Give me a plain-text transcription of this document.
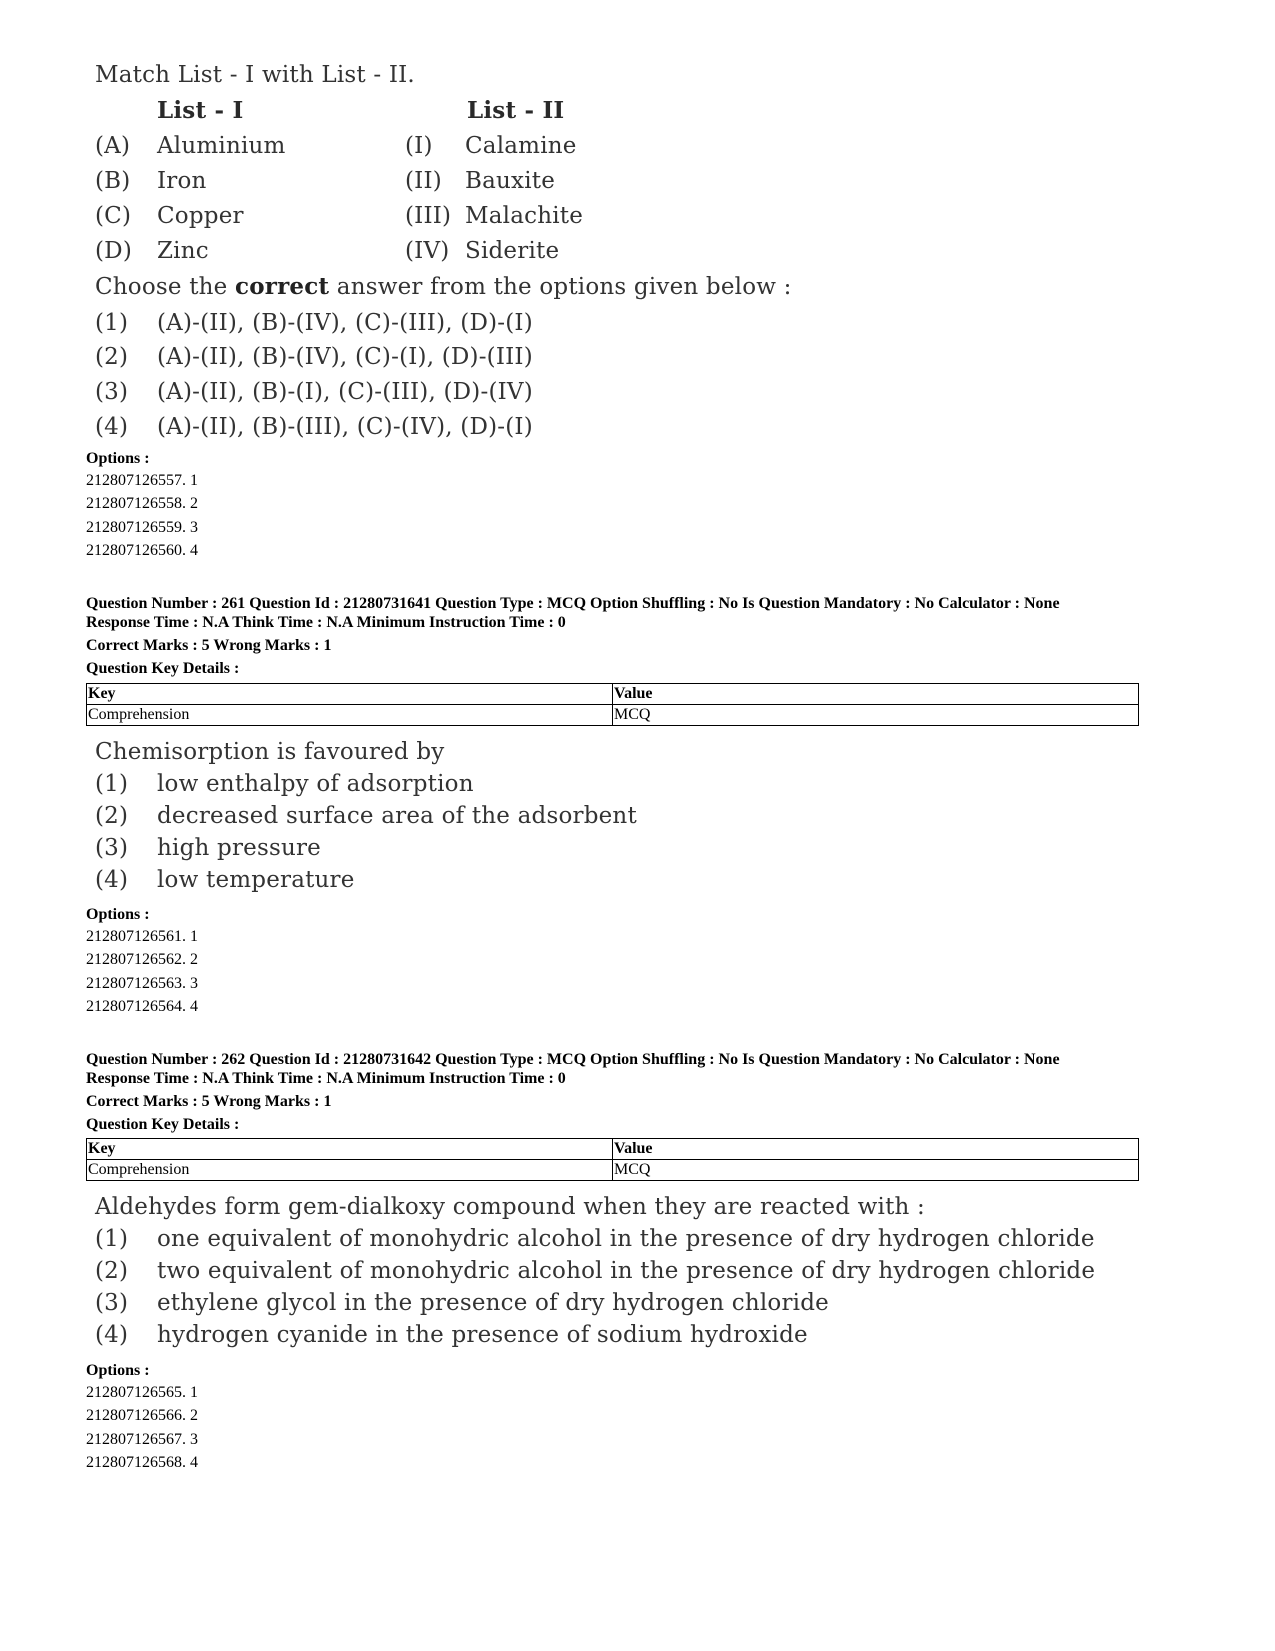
Match List - I with List - II.
List - I	List - II
(A) Aluminium	(I) Calamine
(B) Iron	(II) Bauxite
(C) Copper	(III) Malachite
(D) Zinc	(IV) Siderite
Choose the correct answer from the options given below :
(1) (A)-(II), (B)-(IV), (C)-(III), (D)-(I)
(2) (A)-(II), (B)-(IV), (C)-(I), (D)-(III)
(3) (A)-(II), (B)-(I), (C)-(III), (D)-(IV)
(4) (A)-(II), (B)-(III), (C)-(IV), (D)-(I)
Options :
212807126557. 1
212807126558. 2
212807126559. 3
212807126560. 4
Question Number : 261 Question Id : 21280731641 Question Type : MCQ Option Shuffling : No Is Question Mandatory : No Calculator : None
Response Time : N.A Think Time : N.A Minimum Instruction Time : 0
Correct Marks : 5 Wrong Marks : 1
Question Key Details :
Key	Value
Comprehension	MCQ
Chemisorption is favoured by
(1) low enthalpy of adsorption
(2) decreased surface area of the adsorbent
(3) high pressure
(4) low temperature
Options :
212807126561. 1
212807126562. 2
212807126563. 3
212807126564. 4
Question Number : 262 Question Id : 21280731642 Question Type : MCQ Option Shuffling : No Is Question Mandatory : No Calculator : None
Response Time : N.A Think Time : N.A Minimum Instruction Time : 0
Correct Marks : 5 Wrong Marks : 1
Question Key Details :
Key	Value
Comprehension	MCQ
Aldehydes form gem-dialkoxy compound when they are reacted with :
(1) one equivalent of monohydric alcohol in the presence of dry hydrogen chloride
(2) two equivalent of monohydric alcohol in the presence of dry hydrogen chloride
(3) ethylene glycol in the presence of dry hydrogen chloride
(4) hydrogen cyanide in the presence of sodium hydroxide
Options :
212807126565. 1
212807126566. 2
212807126567. 3
212807126568. 4
